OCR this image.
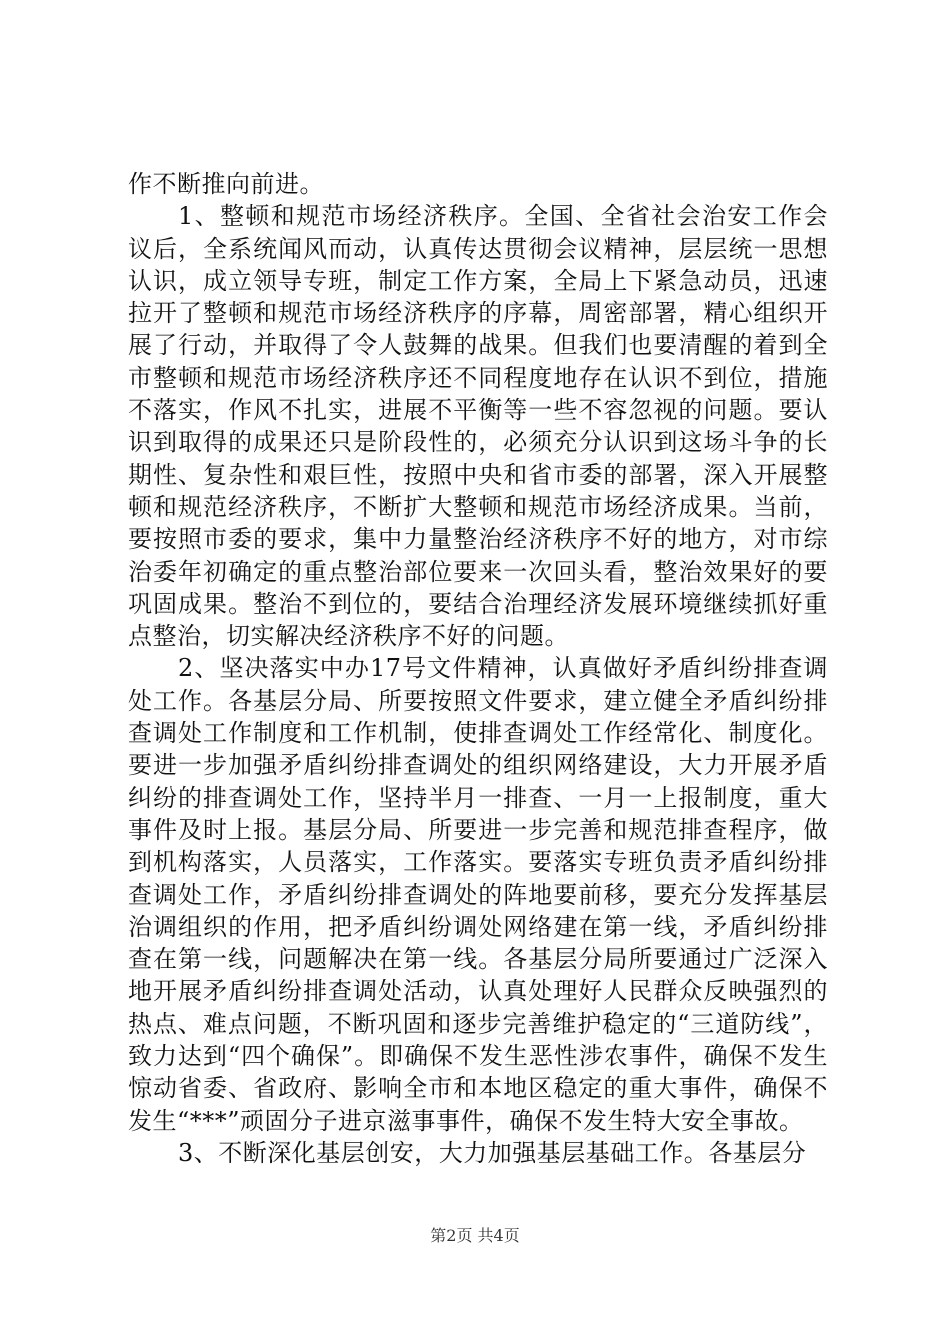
作不断推向前进。

1、整顿和规范市场经济秩序。全国、全省社会治安工作会议后，全系统闻风而动，认真传达贯彻会议精神，层层统一思想认识，成立领导专班，制定工作方案，全局上下紧急动员，迅速拉开了整顿和规范市场经济秩序的序幕，周密部署，精心组织开展了行动，并取得了令人鼓舞的战果。但我们也要清醒的着到全市整顿和规范市场经济秩序还不同程度地存在认识不到位，措施不落实，作风不扎实，进展不平衡等一些不容忽视的问题。要认识到取得的成果还只是阶段性的，必须充分认识到这场斗争的长期性、复杂性和艰巨性，按照中央和省市委的部署，深入开展整顿和规范经济秩序，不断扩大整顿和规范市场经济成果。当前，要按照市委的要求，集中力量整治经济秩序不好的地方，对市综治委年初确定的重点整治部位要来一次回头看，整治效果好的要巩固成果。整治不到位的，要结合治理经济发展环境继续抓好重点整治，切实解决经济秩序不好的问题。

2、坚决落实中办17号文件精神，认真做好矛盾纠纷排查调处工作。各基层分局、所要按照文件要求，建立健全矛盾纠纷排查调处工作制度和工作机制，使排查调处工作经常化、制度化。要进一步加强矛盾纠纷排查调处的组织网络建设，大力开展矛盾纠纷的排查调处工作，坚持半月一排查、一月一上报制度，重大事件及时上报。基层分局、所要进一步完善和规范排查程序，做到机构落实，人员落实，工作落实。要落实专班负责矛盾纠纷排查调处工作，矛盾纠纷排查调处的阵地要前移，要充分发挥基层治调组织的作用，把矛盾纠纷调处网络建在第一线，矛盾纠纷排查在第一线，问题解决在第一线。各基层分局所要通过广泛深入地开展矛盾纠纷排查调处活动，认真处理好人民群众反映强烈的热点、难点问题，不断巩固和逐步完善维护稳定的“三道防线”，致力达到“四个确保”。即确保不发生恶性涉农事件，确保不发生惊动省委、省政府、影响全市和本地区稳定的重大事件，确保不发生“***”顽固分子进京滋事事件，确保不发生特大安全事故。

3、不断深化基层创安，大力加强基层基础工作。各基层分

第2页 共4页
